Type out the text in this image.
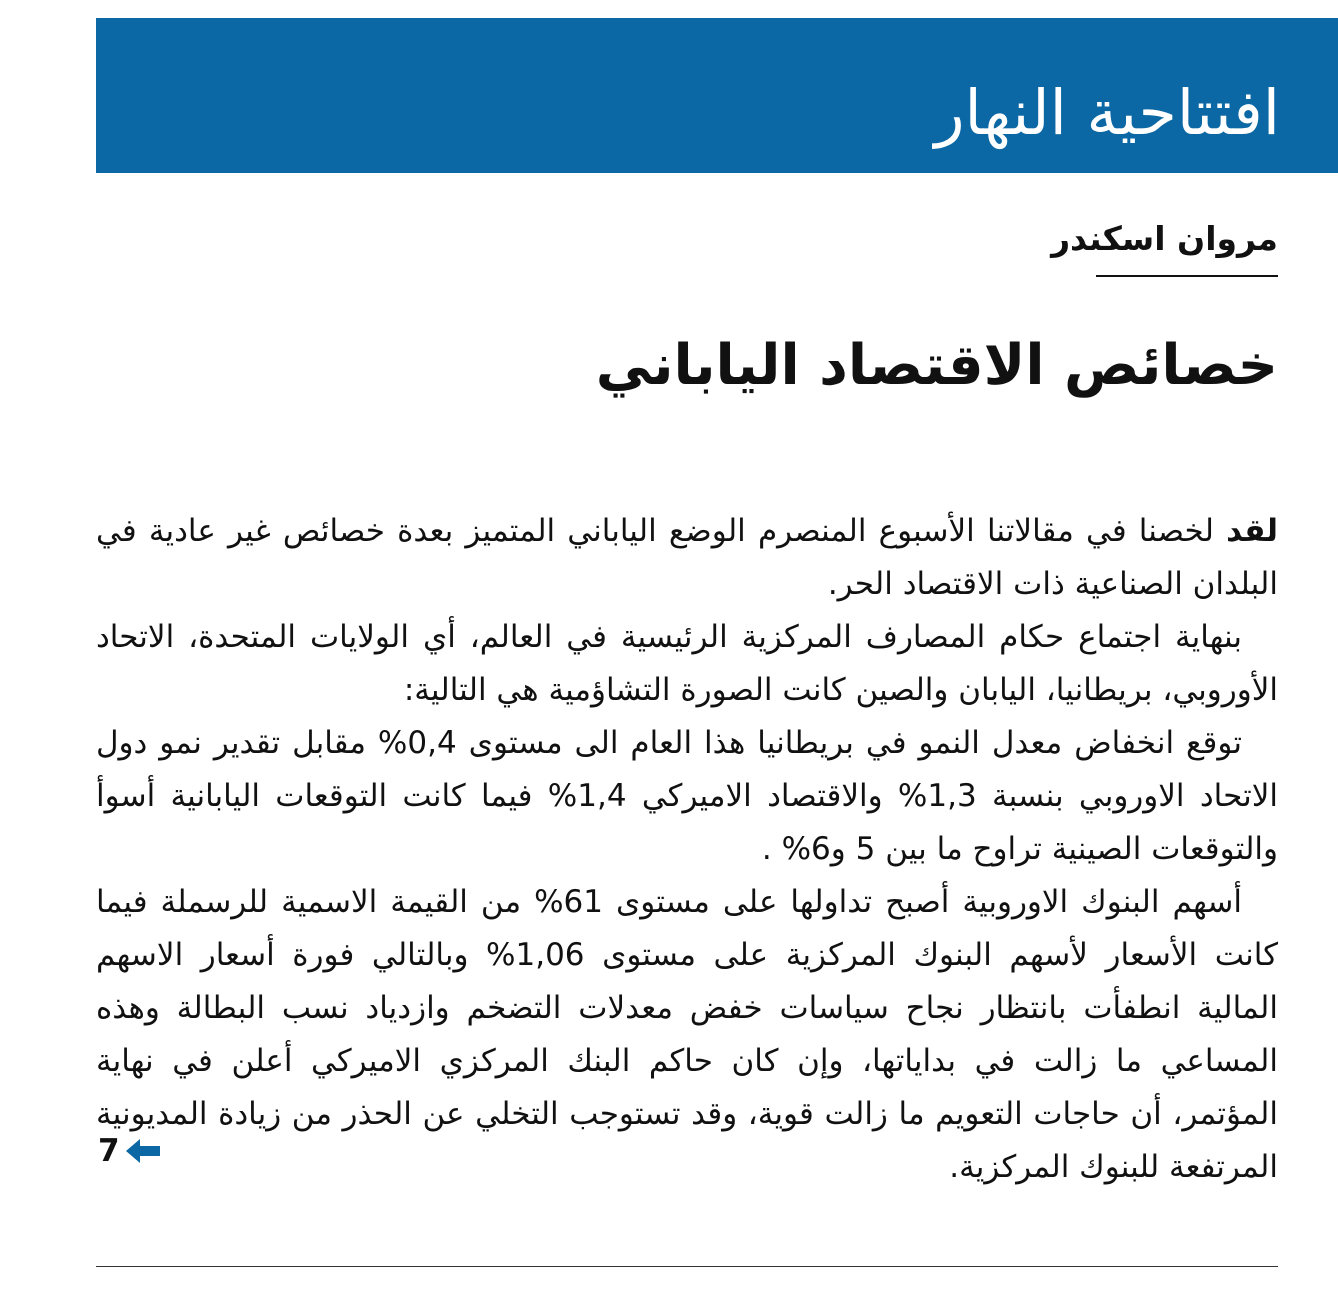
افتتاحية النهار
مروان اسكندر
خصائص الاقتصاد الياباني

لقد لخصنا في مقالاتنا الأسبوع المنصرم الوضع الياباني المتميز بعدة خصائص غير عادية في البلدان الصناعية ذات الاقتصاد الحر.

بنهاية اجتماع حكام المصارف المركزية الرئيسية في العالم، أي الولايات المتحدة، الاتحاد الأوروبي، بريطانيا، اليابان والصين كانت الصورة التشاؤمية هي التالية:

توقع انخفاض معدل النمو في بريطانيا هذا العام الى مستوى 0,4% مقابل تقدير نمو دول الاتحاد الاوروبي بنسبة 1,3% والاقتصاد الاميركي 1,4% فيما كانت التوقعات اليابانية أسوأ والتوقعات الصينية تراوح ما بين 5 و6% .

أسهم البنوك الاوروبية أصبح تداولها على مستوى 61% من القيمة الاسمية للرسملة فيما كانت الأسعار لأسهم البنوك المركزية على مستوى 1,06% وبالتالي فورة أسعار الاسهم المالية انطفأت بانتظار نجاح سياسات خفض معدلات التضخم وازدياد نسب البطالة وهذه المساعي ما زالت في بداياتها، وإن كان حاكم البنك المركزي الاميركي أعلن في نهاية المؤتمر، أن حاجات التعويم ما زالت قوية، وقد تستوجب التخلي عن الحذر من زيادة المديونية المرتفعة للبنوك المركزية.

7
